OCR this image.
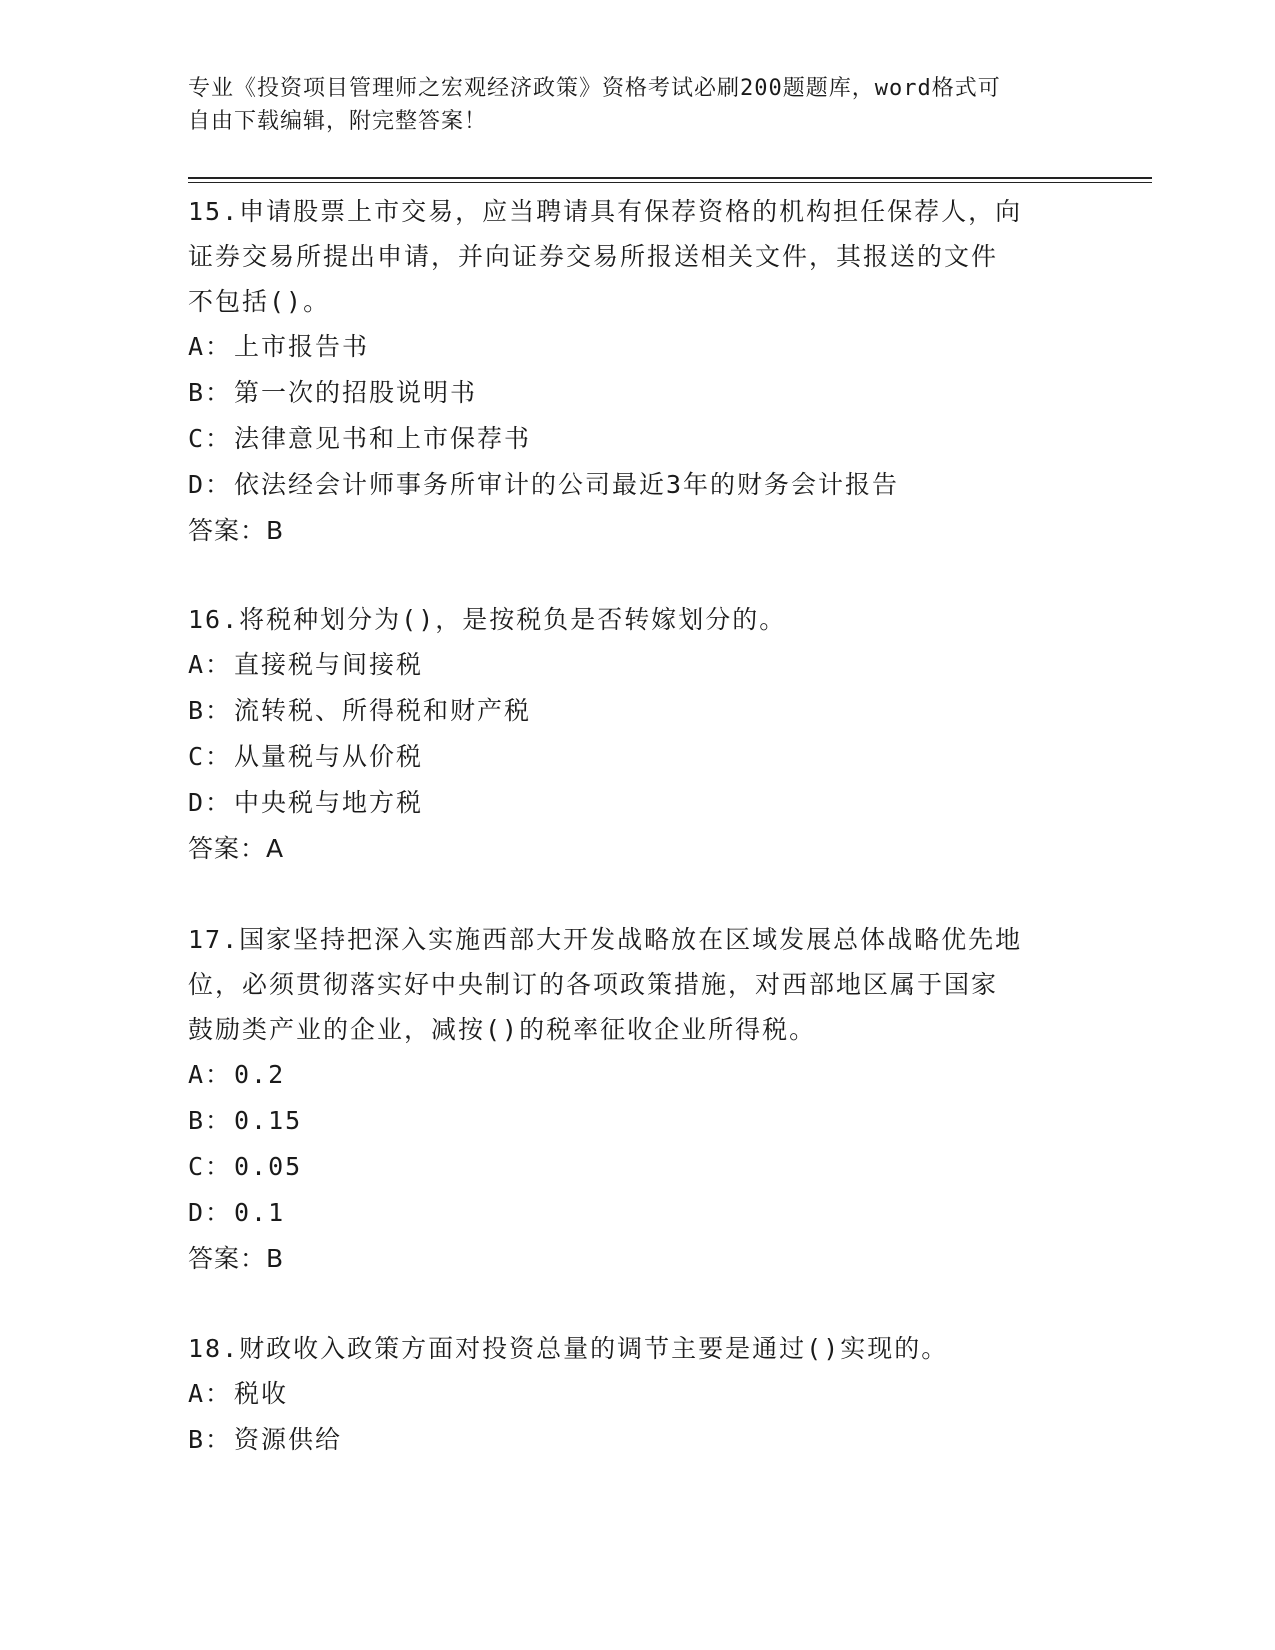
专业《投资项目管理师之宏观经济政策》资格考试必刷200题题库，word格式可
自由下载编辑，附完整答案！

15.申请股票上市交易，应当聘请具有保荐资格的机构担任保荐人，向

证券交易所提出申请，并向证券交易所报送相关文件，其报送的文件

不包括()。

A：上市报告书

B：第一次的招股说明书

C：法律意见书和上市保荐书

D：依法经会计师事务所审计的公司最近3年的财务会计报告

答案：B

16.将税种划分为()，是按税负是否转嫁划分的。

A：直接税与间接税

B：流转税、所得税和财产税

C：从量税与从价税

D：中央税与地方税

答案：A

17.国家坚持把深入实施西部大开发战略放在区域发展总体战略优先地

位，必须贯彻落实好中央制订的各项政策措施，对西部地区属于国家

鼓励类产业的企业，减按()的税率征收企业所得税。

A：0.2

B：0.15

C：0.05

D：0.1

答案：B

18.财政收入政策方面对投资总量的调节主要是通过()实现的。

A：税收

B：资源供给
